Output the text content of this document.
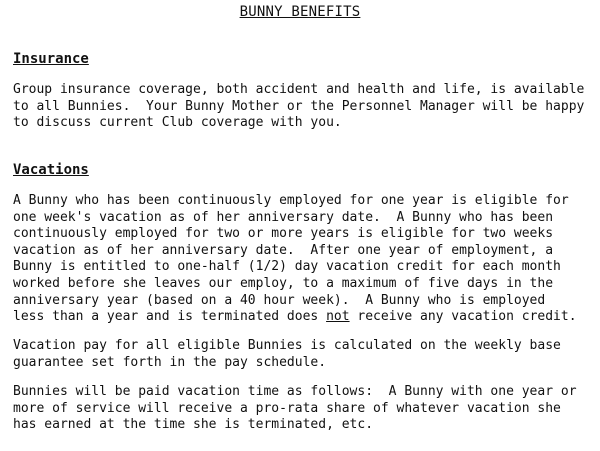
BUNNY BENEFITS
Insurance
Group insurance coverage, both accident and health and life, is available
to all Bunnies.  Your Bunny Mother or the Personnel Manager will be happy
to discuss current Club coverage with you.
Vacations
A Bunny who has been continuously employed for one year is eligible for
one week's vacation as of her anniversary date.  A Bunny who has been
continuously employed for two or more years is eligible for two weeks
vacation as of her anniversary date.  After one year of employment, a
Bunny is entitled to one-half (1/2) day vacation credit for each month
worked before she leaves our employ, to a maximum of five days in the
anniversary year (based on a 40 hour week).  A Bunny who is employed
less than a year and is terminated does not receive any vacation credit.
Vacation pay for all eligible Bunnies is calculated on the weekly base
guarantee set forth in the pay schedule.
Bunnies will be paid vacation time as follows:  A Bunny with one year or
more of service will receive a pro-rata share of whatever vacation she
has earned at the time she is terminated, etc.
